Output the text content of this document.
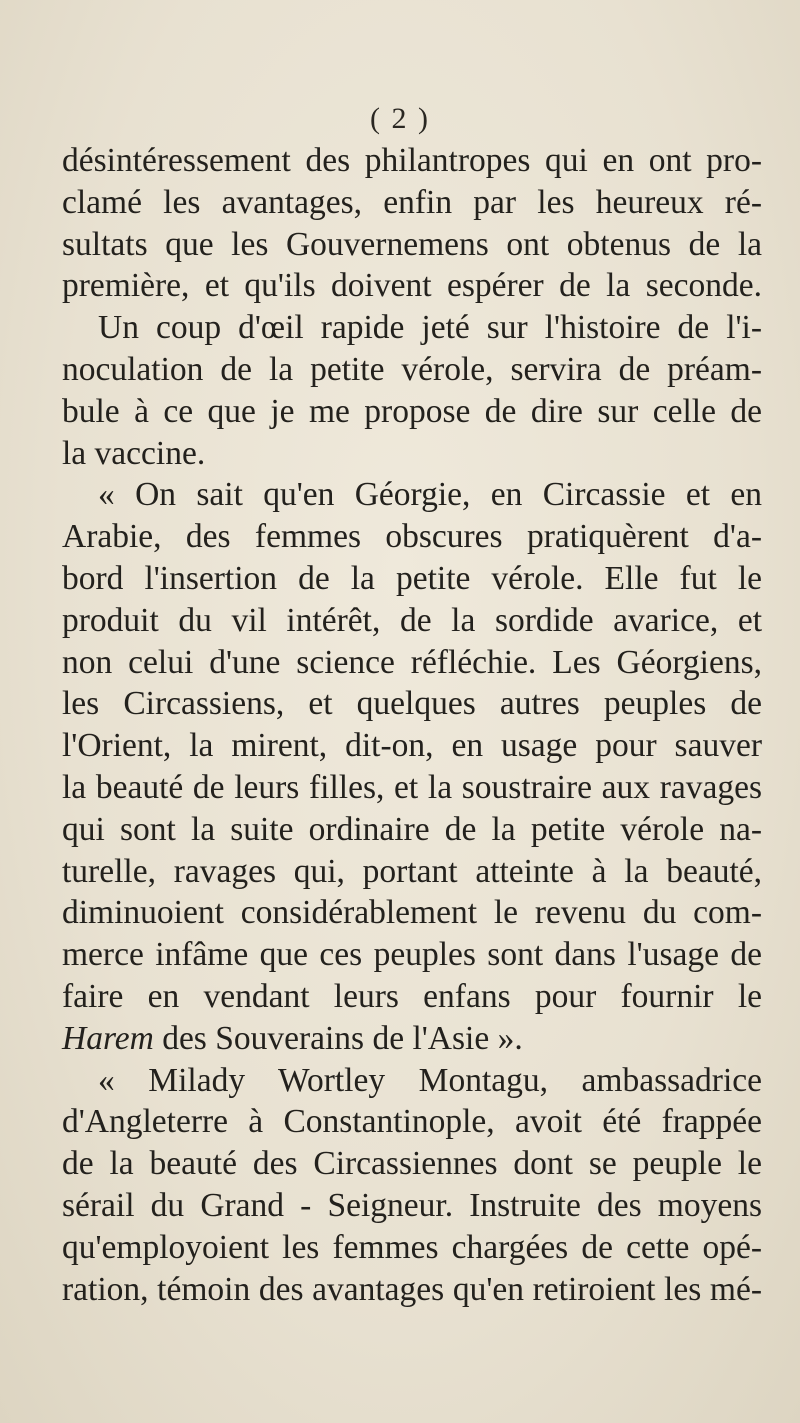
( 2 )
désintéressement des philantropes qui en ont pro-
clamé les avantages, enfin par les heureux ré-
sultats que les Gouvernemens ont obtenus de la
première, et qu'ils doivent espérer de la seconde.
Un coup d'œil rapide jeté sur l'histoire de l'i-
noculation de la petite vérole, servira de préam-
bule à ce que je me propose de dire sur celle de
la vaccine.
« On sait qu'en Géorgie, en Circassie et en
Arabie, des femmes obscures pratiquèrent d'a-
bord l'insertion de la petite vérole. Elle fut le
produit du vil intérêt, de la sordide avarice, et
non celui d'une science réfléchie. Les Géorgiens,
les Circassiens, et quelques autres peuples de
l'Orient, la mirent, dit-on, en usage pour sauver
la beauté de leurs filles, et la soustraire aux ravages
qui sont la suite ordinaire de la petite vérole na-
turelle, ravages qui, portant atteinte à la beauté,
diminuoient considérablement le revenu du com-
merce infâme que ces peuples sont dans l'usage de
faire en vendant leurs enfans pour fournir le
Harem des Souverains de l'Asie ».
« Milady Wortley Montagu, ambassadrice
d'Angleterre à Constantinople, avoit été frappée
de la beauté des Circassiennes dont se peuple le
sérail du Grand - Seigneur. Instruite des moyens
qu'employoient les femmes chargées de cette opé-
ration, témoin des avantages qu'en retiroient les mé-
